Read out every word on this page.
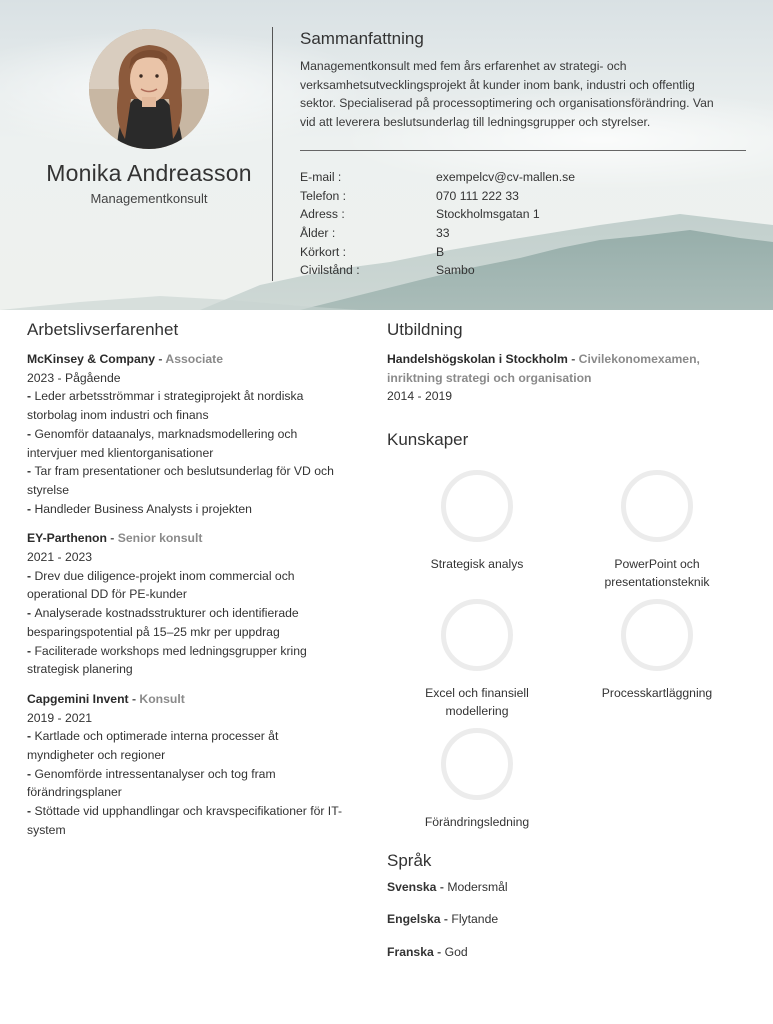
Monika Andreasson
Managementkonsult
Sammanfattning
Managementkonsult med fem års erfarenhet av strategi- och
verksamhetsutvecklingsprojekt åt kunder inom bank, industri och offentlig
sektor. Specialiserad på processoptimering och organisationsförändring. Van
vid att leverera beslutsunderlag till ledningsgrupper och styrelser.
E-mail :	exempelcv@cv-mallen.se
Telefon :	070 111 222 33
Adress :	Stockholmsgatan 1
Ålder :	33
Körkort :	B
Civilstånd :	Sambo
Arbetslivserfarenhet
McKinsey & Company - Associate
2023 - Pågående
- Leder arbetsströmmar i strategiprojekt åt nordiska
storbolag inom industri och finans
- Genomför dataanalys, marknadsmodellering och
intervjuer med klientorganisationer
- Tar fram presentationer och beslutsunderlag för VD och
styrelse
- Handleder Business Analysts i projekten
EY-Parthenon - Senior konsult
2021 - 2023
- Drev due diligence-projekt inom commercial och
operational DD för PE-kunder
- Analyserade kostnadsstrukturer och identifierade
besparingspotential på 15–25 mkr per uppdrag
- Faciliterade workshops med ledningsgrupper kring
strategisk planering
Capgemini Invent - Konsult
2019 - 2021
- Kartlade och optimerade interna processer åt
myndigheter och regioner
- Genomförde intressentanalyser och tog fram
förändringsplaner
- Stöttade vid upphandlingar och kravspecifikationer för IT-
system
Utbildning
Handelshögskolan i Stockholm - Civilekonomexamen,
inriktning strategi och organisation
2014 - 2019
Kunskaper
Strategisk analys	PowerPoint och
presentationsteknik
Excel och finansiell
modellering
Processkartläggning
Förändringsledning
Språk
Svenska - Modersmål
Engelska - Flytande
Franska - God
